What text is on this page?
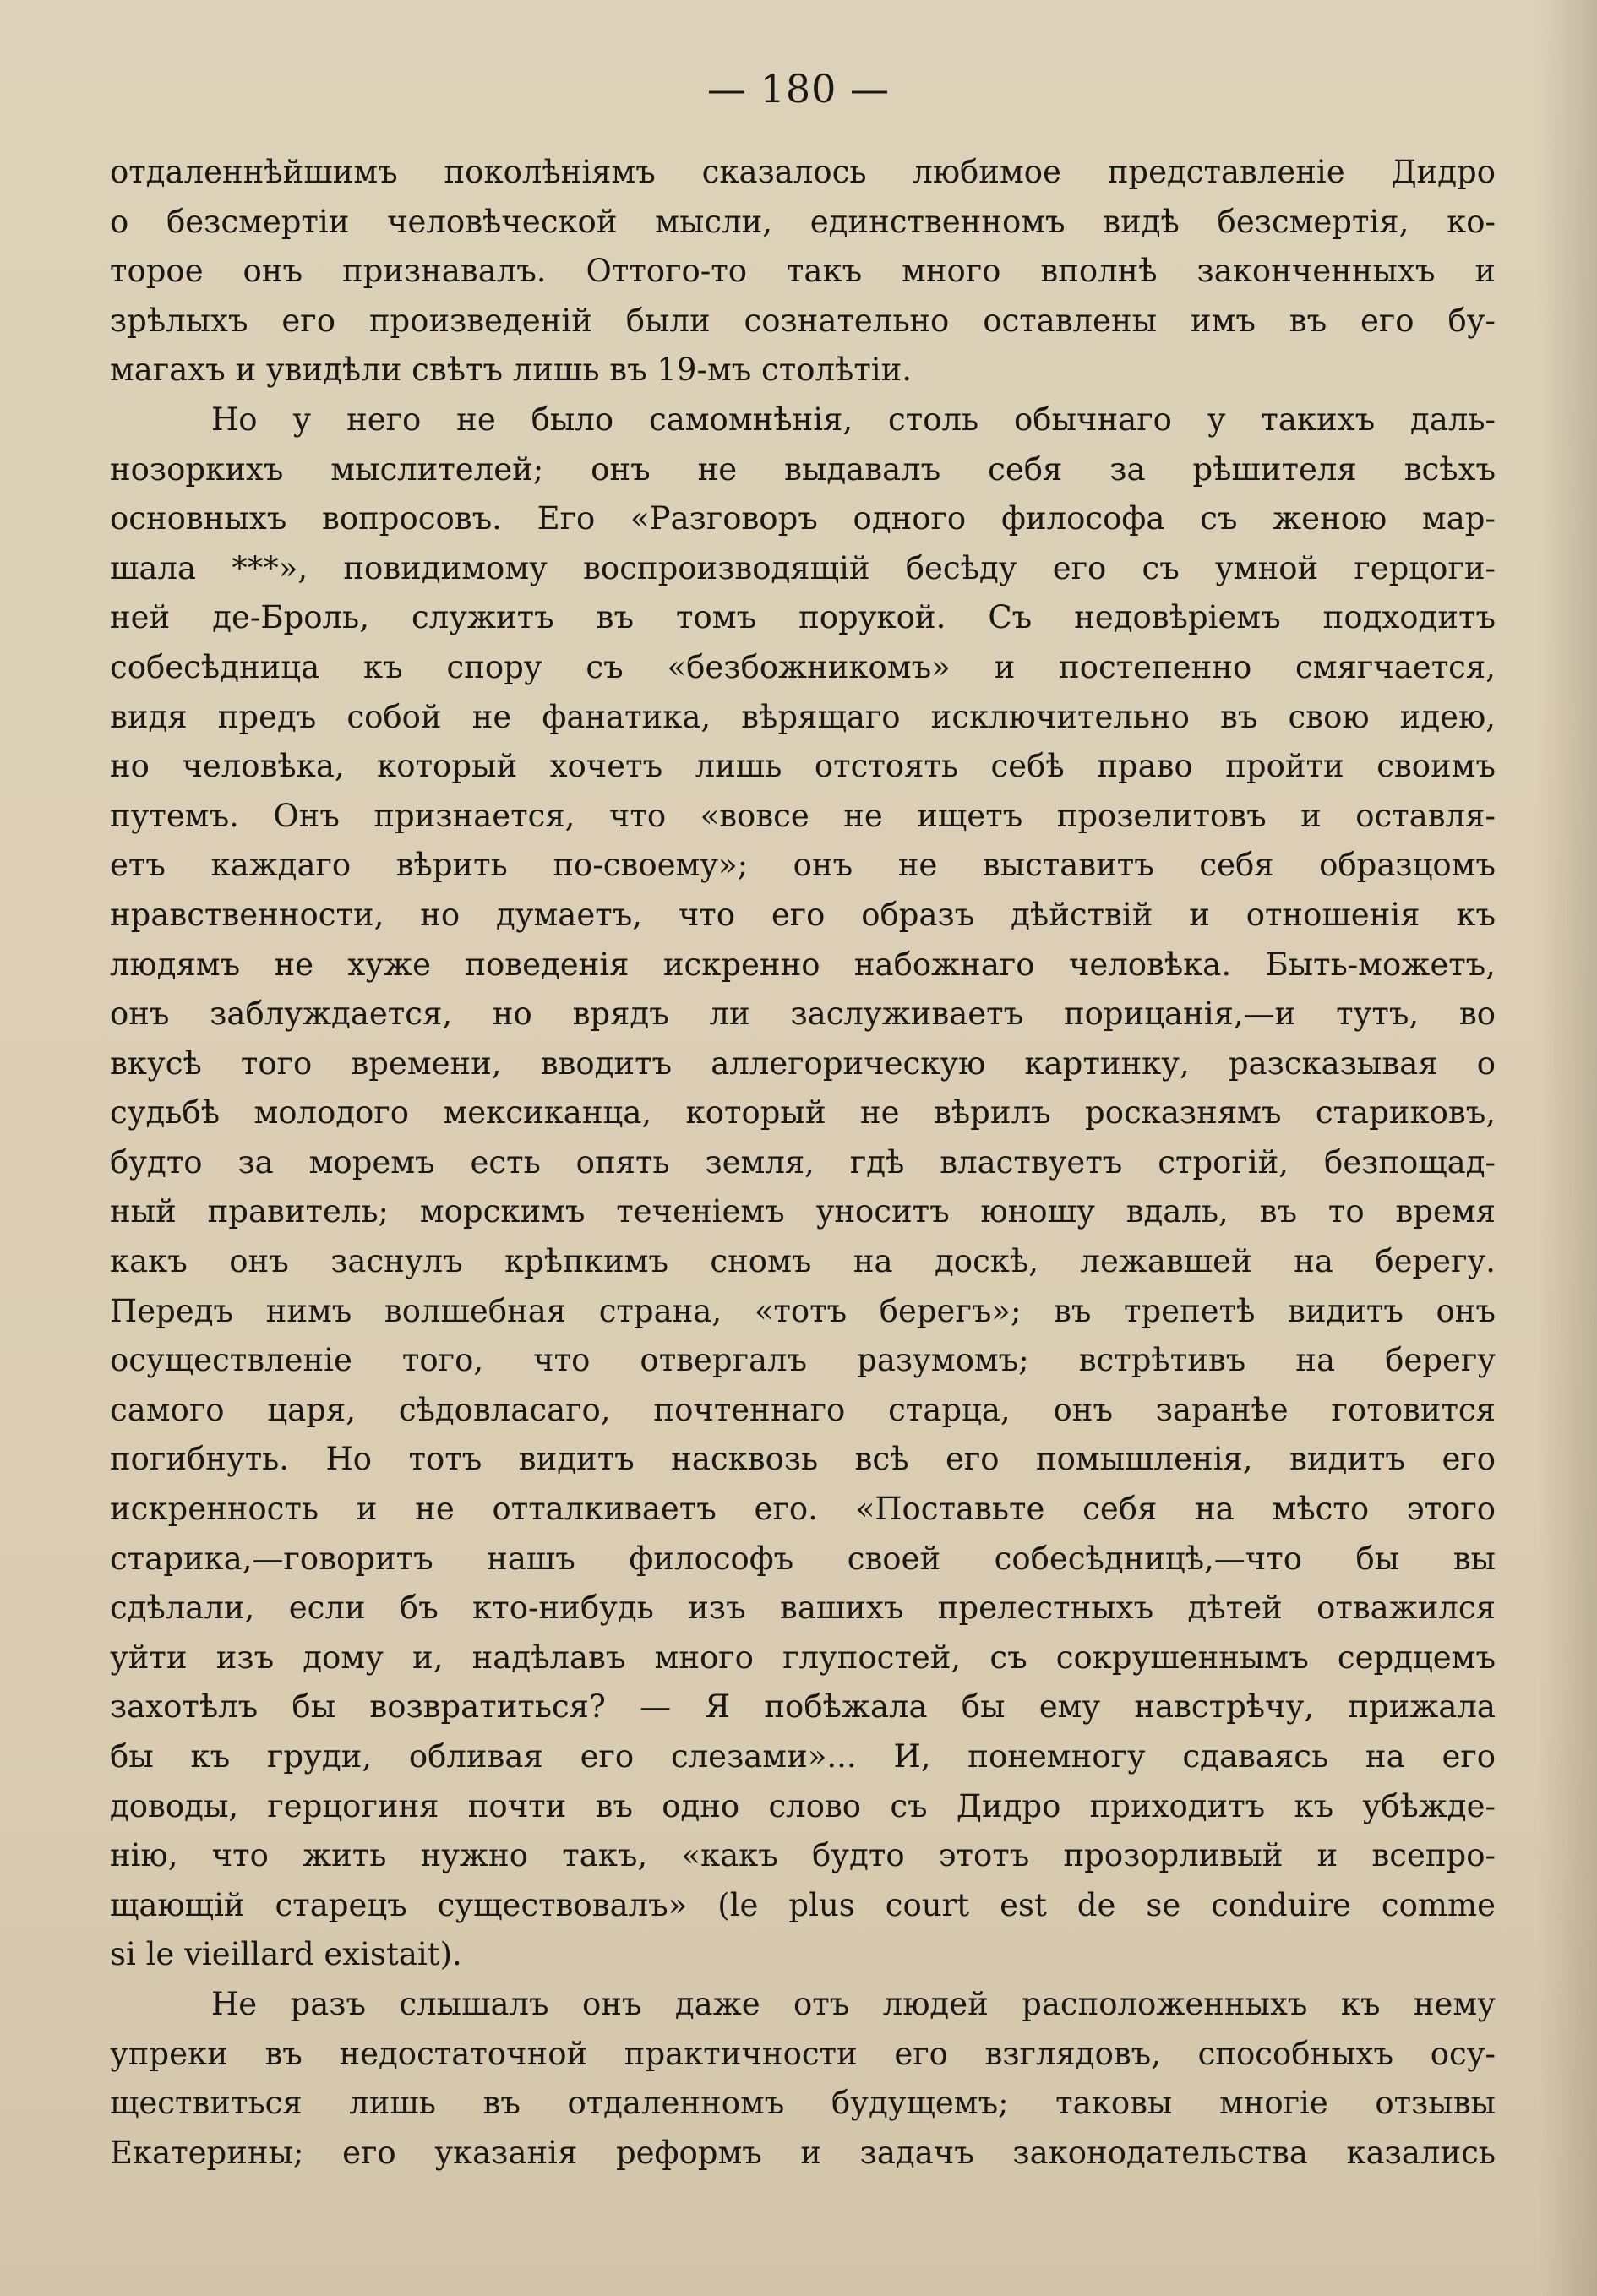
— 180 —
отдаленнѣйшимъ поколѣніямъ сказалось любимое представленіе Дидро
о безсмертіи человѣческой мысли, единственномъ видѣ безсмертія, ко-
торое онъ признавалъ. Оттого-то такъ много вполнѣ законченныхъ и
зрѣлыхъ его произведеній были сознательно оставлены имъ въ его бу-
магахъ и увидѣли свѣтъ лишь въ 19-мъ столѣтіи.
Но у него не было самомнѣнія, столь обычнаго у такихъ даль-
нозоркихъ мыслителей; онъ не выдавалъ себя за рѣшителя всѣхъ
основныхъ вопросовъ. Его «Разговоръ одного философа съ женою мар-
шала ***», повидимому воспроизводящій бесѣду его съ умной герцоги-
ней де-Броль, служитъ въ томъ порукой. Съ недовѣріемъ подходитъ
собесѣдница къ спору съ «безбожникомъ» и постепенно смягчается,
видя предъ собой не фанатика, вѣрящаго исключительно въ свою идею,
но человѣка, который хочетъ лишь отстоять себѣ право пройти своимъ
путемъ. Онъ признается, что «вовсе не ищетъ прозелитовъ и оставля-
етъ каждаго вѣрить по-своему»; онъ не выставитъ себя образцомъ
нравственности, но думаетъ, что его образъ дѣйствій и отношенія къ
людямъ не хуже поведенія искренно набожнаго человѣка. Быть-можетъ,
онъ заблуждается, но врядъ ли заслуживаетъ порицанія,—и тутъ, во
вкусѣ того времени, вводитъ аллегорическую картинку, разсказывая о
судьбѣ молодого мексиканца, который не вѣрилъ росказнямъ стариковъ,
будто за моремъ есть опять земля, гдѣ властвуетъ строгій, безпощад-
ный правитель; морскимъ теченіемъ уноситъ юношу вдаль, въ то время
какъ онъ заснулъ крѣпкимъ сномъ на доскѣ, лежавшей на берегу.
Передъ нимъ волшебная страна, «тотъ берегъ»; въ трепетѣ видитъ онъ
осуществленіе того, что отвергалъ разумомъ; встрѣтивъ на берегу
самого царя, сѣдовласаго, почтеннаго старца, онъ заранѣе готовится
погибнуть. Но тотъ видитъ насквозь всѣ его помышленія, видитъ его
искренность и не отталкиваетъ его. «Поставьте себя на мѣсто этого
старика,—говоритъ нашъ философъ своей собесѣдницѣ,—что бы вы
сдѣлали, если бъ кто-нибудь изъ вашихъ прелестныхъ дѣтей отважился
уйти изъ дому и, надѣлавъ много глупостей, съ сокрушеннымъ сердцемъ
захотѣлъ бы возвратиться? — Я побѣжала бы ему навстрѣчу, прижала
бы къ груди, обливая его слезами»... И, понемногу сдаваясь на его
доводы, герцогиня почти въ одно слово съ Дидро приходитъ къ убѣжде-
нію, что жить нужно такъ, «какъ будто этотъ прозорливый и всепро-
щающій старецъ существовалъ» (le plus court est de se conduire comme
si le vieillard existait).
Не разъ слышалъ онъ даже отъ людей расположенныхъ къ нему
упреки въ недостаточной практичности его взглядовъ, способныхъ осу-
ществиться лишь въ отдаленномъ будущемъ; таковы многіе отзывы
Екатерины; его указанія реформъ и задачъ законодательства казались
